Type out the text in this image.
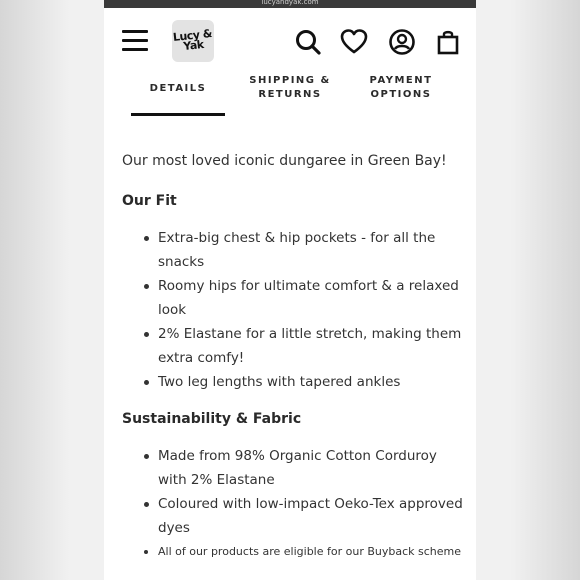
lucyandyak.com
Lucy & Yak
DETAILS
SHIPPING & RETURNS
PAYMENT OPTIONS

Our most loved iconic dungaree in Green Bay!

Our Fit
Extra-big chest & hip pockets - for all the snacks
Roomy hips for ultimate comfort & a relaxed look
2% Elastane for a little stretch, making them extra comfy!
Two leg lengths with tapered ankles
Sustainability & Fabric
Made from 98% Organic Cotton Corduroy with 2% Elastane
Coloured with low-impact Oeko-Tex approved dyes
All of our products are eligible for our Buyback scheme
